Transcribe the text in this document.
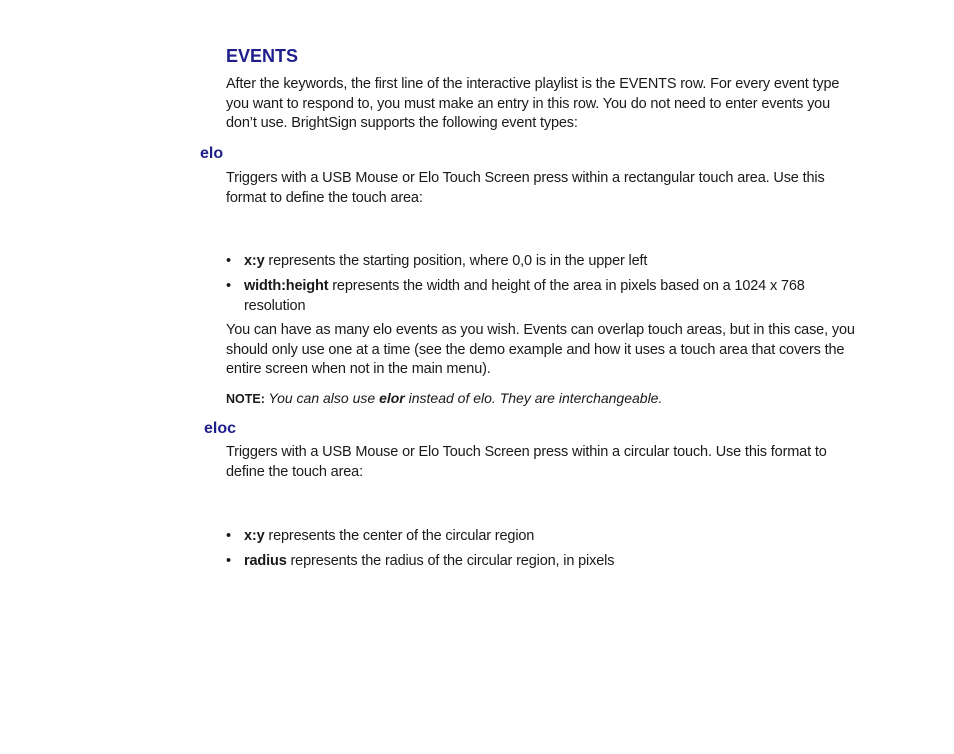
EVENTS

After the keywords, the first line of the interactive playlist is the EVENTS row. For every event type you want to respond to, you must make an entry in this row. You do not need to enter events you don’t use. BrightSign supports the following event types:

elo

Triggers with a USB Mouse or Elo Touch Screen press within a rectangular touch area. Use this format to define the touch area:

• x:y represents the starting position, where 0,0 is in the upper left
• width:height represents the width and height of the area in pixels based on a 1024 x 768 resolution

You can have as many elo events as you wish. Events can overlap touch areas, but in this case, you should only use one at a time (see the demo example and how it uses a touch area that covers the entire screen when not in the main menu).

NOTE: You can also use elor instead of elo. They are interchangeable.

eloc

Triggers with a USB Mouse or Elo Touch Screen press within a circular touch. Use this format to define the touch area:

• x:y represents the center of the circular region
• radius represents the radius of the circular region, in pixels
